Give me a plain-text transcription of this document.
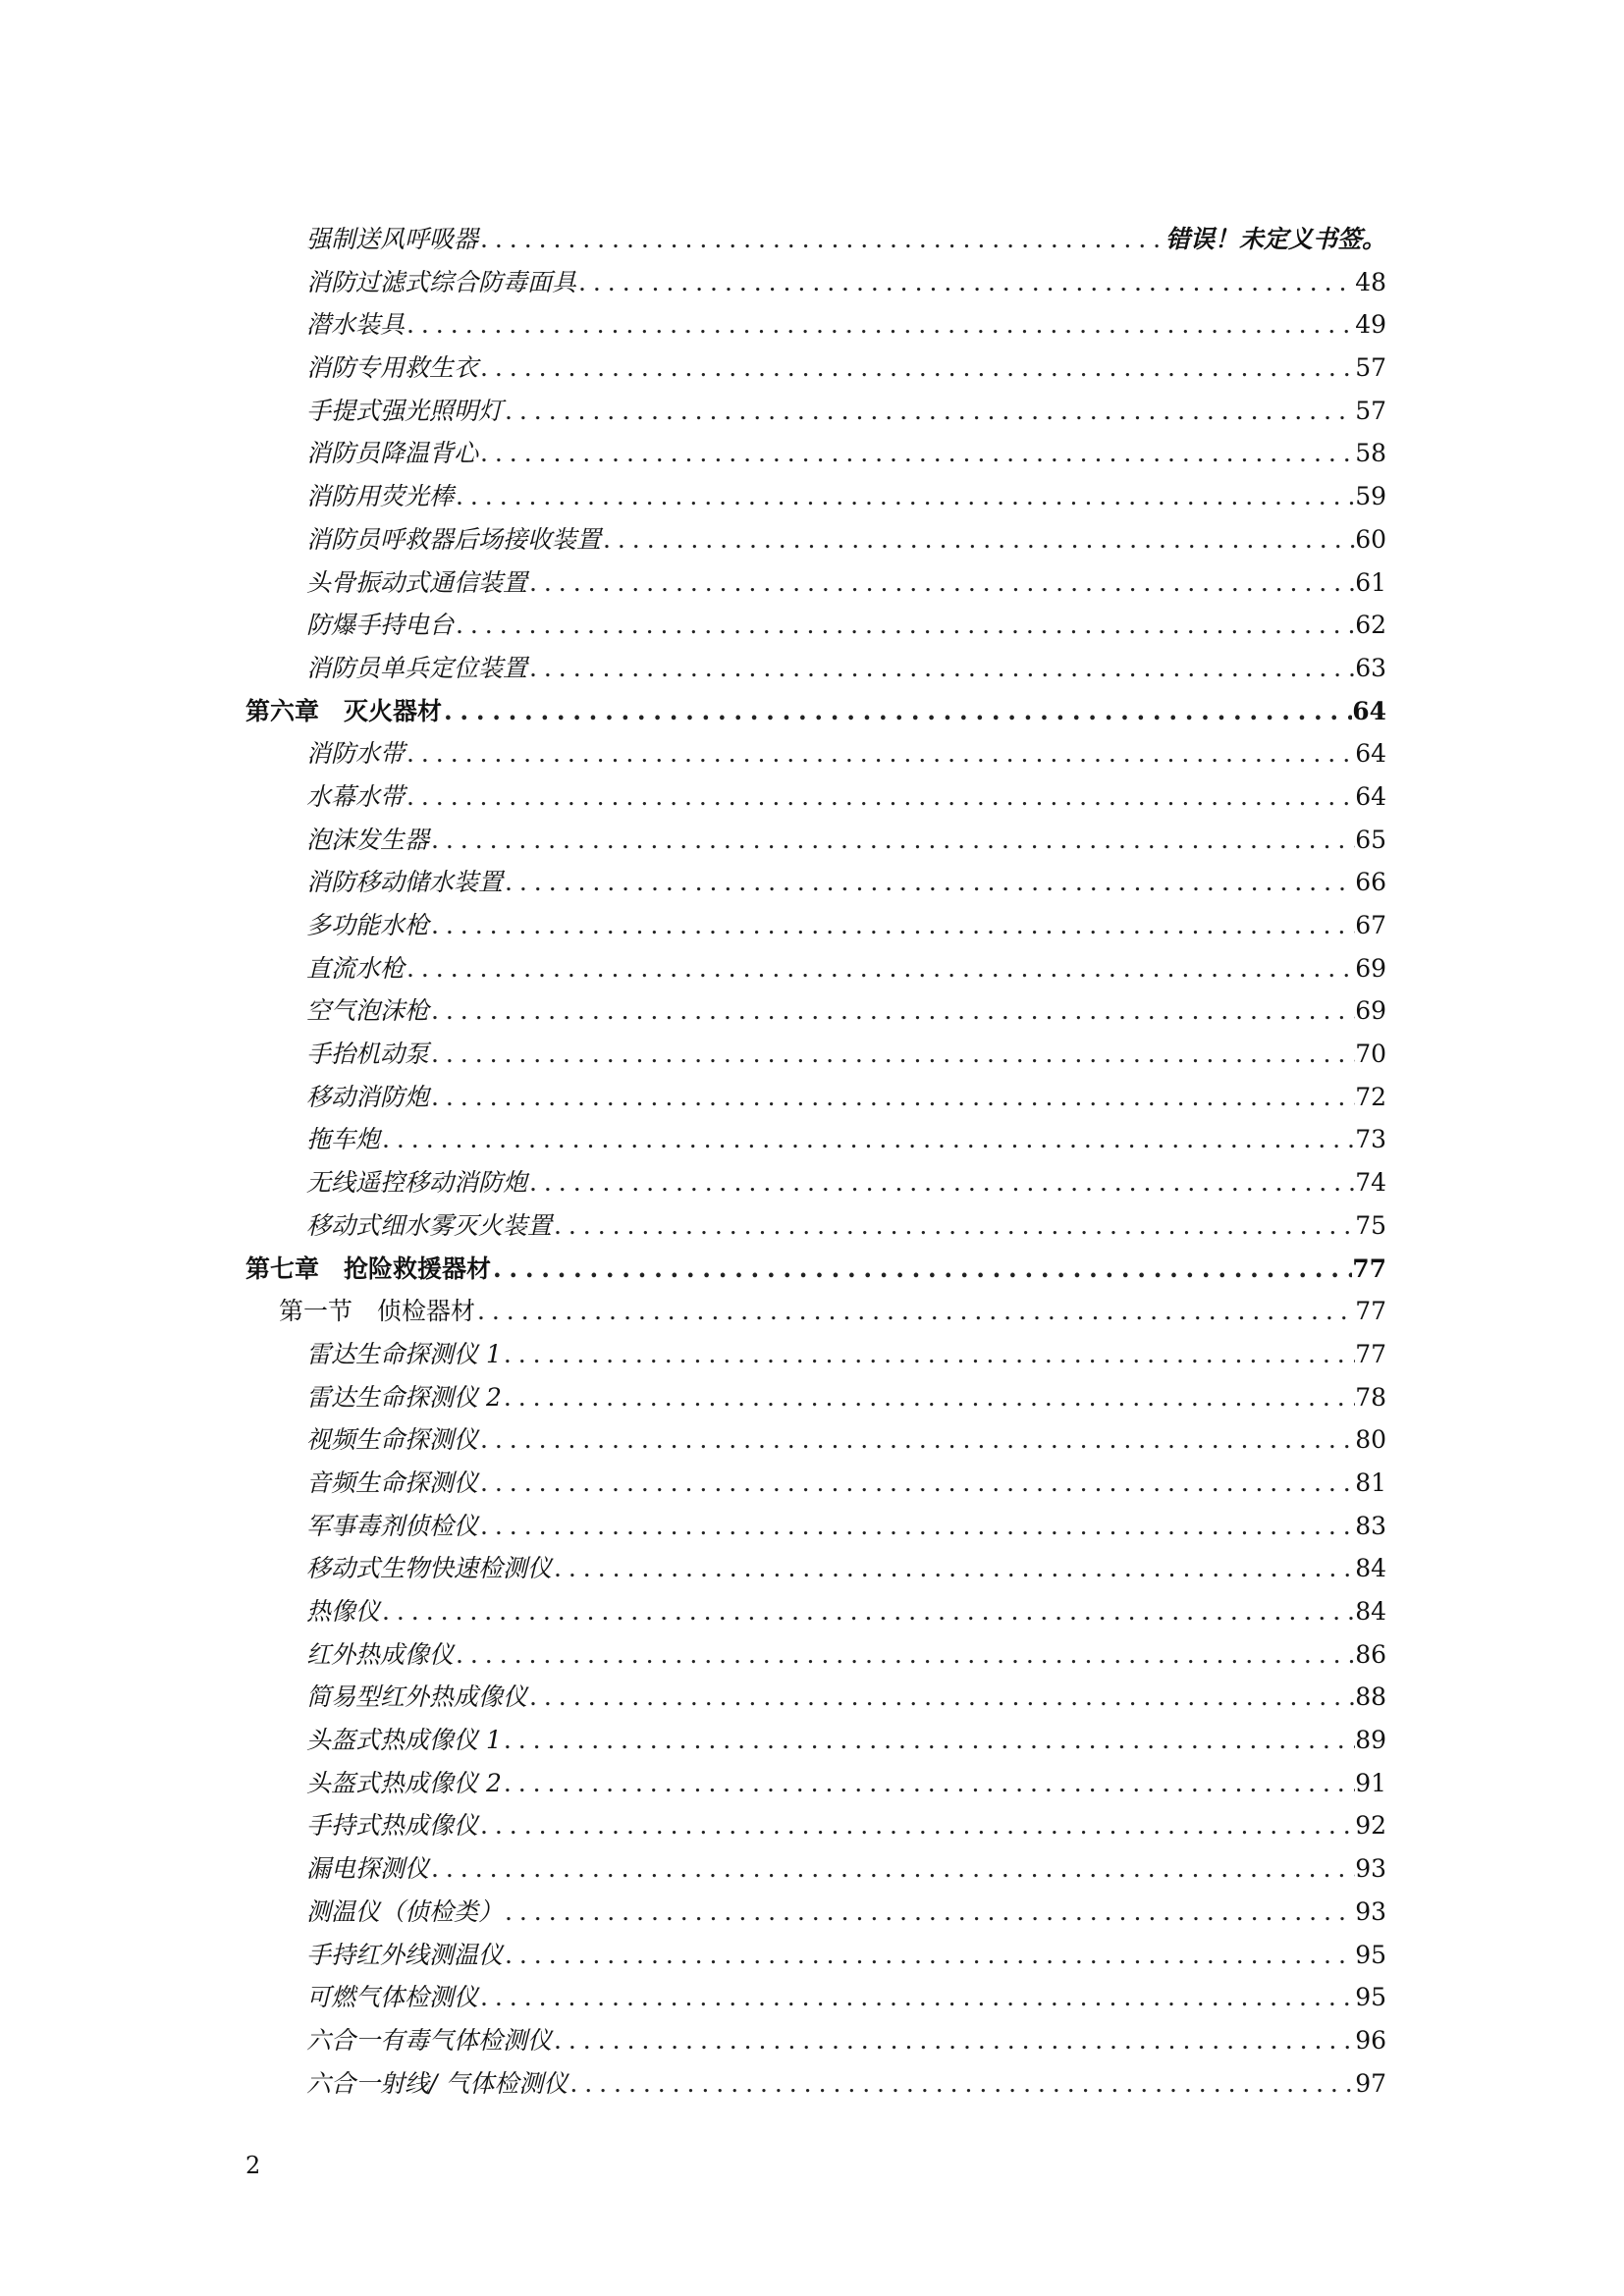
强制送风呼吸器 . . .	错误！未定义书签。
消防过滤式综合防毒面具 . . .	48
潜水装具 . . .	49
消防专用救生衣 . . .	57
手提式强光照明灯 . . .	57
消防员降温背心 . . .	58
消防用荧光棒 . . .	59
消防员呼救器后场接收装置 . . .	60
头骨振动式通信装置 . . .	61
防爆手持电台 . . .	62
消防员单兵定位装置 . . .	63
第六章　灭火器材 . . .	64
消防水带 . . .	64
水幕水带 . . .	64
泡沫发生器 . . .	65
消防移动储水装置 . . .	66
多功能水枪 . . .	67
直流水枪 . . .	69
空气泡沫枪 . . .	69
手抬机动泵 . . .	70
移动消防炮 . . .	72
拖车炮 . . .	73
无线遥控移动消防炮 . . .	74
移动式细水雾灭火装置 . . .	75
第七章　抢险救援器材 . . .	77
第一节　侦检器材 . . .	77
雷达生命探测仪 1 . . .	77
雷达生命探测仪 2 . . .	78
视频生命探测仪 . . .	80
音频生命探测仪 . . .	81
军事毒剂侦检仪 . . .	83
移动式生物快速检测仪 . . .	84
热像仪 . . .	84
红外热成像仪 . . .	86
简易型红外热成像仪 . . .	88
头盔式热成像仪 1 . . .	89
头盔式热成像仪 2 . . .	91
手持式热成像仪 . . .	92
漏电探测仪 . . .	93
测温仪（侦检类） . . .	93
手持红外线测温仪 . . .	95
可燃气体检测仪 . . .	95
六合一有毒气体检测仪 . . .	96
六合一射线/ 气体检测仪 . . .	97
2
